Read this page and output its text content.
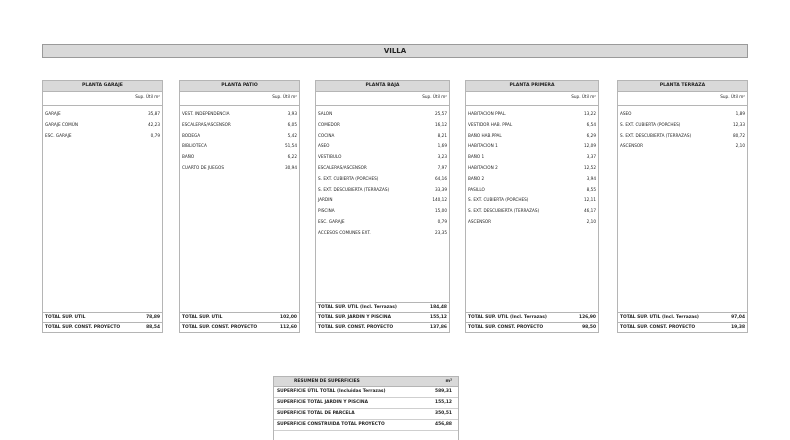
VILLA
PLANTA GARAJE
Sup. Útil m²
GARAJE	35,87
GARAJE COMÚN	42,23
ESC. GARAJE	0,79
TOTAL SUP. UTIL	78,89
TOTAL SUP. CONST. PROYECTO	88,54
PLANTA PATIO
Sup. Útil m²
VEST. INDEPENDENCIA	3,93
ESCALERAS/ASCENSOR	6,05
BODEGA	5,42
BIBLIOTECA	51,54
BAÑO	6,22
CUARTO DE JUEGOS	30,94
TOTAL SUP. UTIL	102,00
TOTAL SUP. CONST. PROYECTO	112,60
PLANTA BAJA
Sup. Útil m²
SALON	25,57
COMEDOR	16,12
COCINA	8,21
ASEO	1,69
VESTIBULO	3,23
ESCALERAS/ASCENSOR	7,97
S. EXT. CUBIERTA (PORCHES)	64,16
S. EXT. DESCUBIERTA (TERRAZAS)	33,39
JARDIN	140,12
PISCINA	15,00
ESC. GARAJE	0,79
ACCESOS COMUNES EXT.	23,35
TOTAL SUP. UTIL (Incl. Terrazas)	184,48
TOTAL SUP. JARDIN Y PISCINA	155,12
TOTAL SUP. CONST. PROYECTO	137,86
PLANTA PRIMERA
Sup. Útil m²
HABITACION PPAL.	13,22
VESTIDOR HAB. PPAL	6,54
BAÑO HAB.PPAL	6,29
HABITACION 1	12,09
BAÑO 1	3,37
HABITACION 2	12,52
BAÑO 2	3,94
PASILLO	8,55
S. EXT. CUBIERTA (PORCHES)	12,11
S. EXT. DESCUBIERTA (TERRAZAS)	46,17
ASCENSOR	2,10
TOTAL SUP. UTIL (Incl. Terrazas)	126,90
TOTAL SUP. CONST. PROYECTO	98,50
PLANTA TERRAZA
Sup. Útil m²
ASEO	1,89
S. EXT. CUBIERTA (PORCHES)	12,33
S. EXT. DESCUBIERTA (TERRAZAS)	80,72
ASCENSOR	2,10
TOTAL SUP. UTIL (Incl. Terrazas)	97,04
TOTAL SUP. CONST. PROYECTO	19,38
RESUMEN DE SUPERFICIES	m²
SUPERFICIE ÚTIL TOTAL (Incluidas Terrazas)	589,31
SUPERFICIE TOTAL JARDIN Y PISCINA	155,12
SUPERFICIE TOTAL DE PARCELA	350,51
SUPERFICIE CONSTRUIDA TOTAL PROYECTO	456,88
